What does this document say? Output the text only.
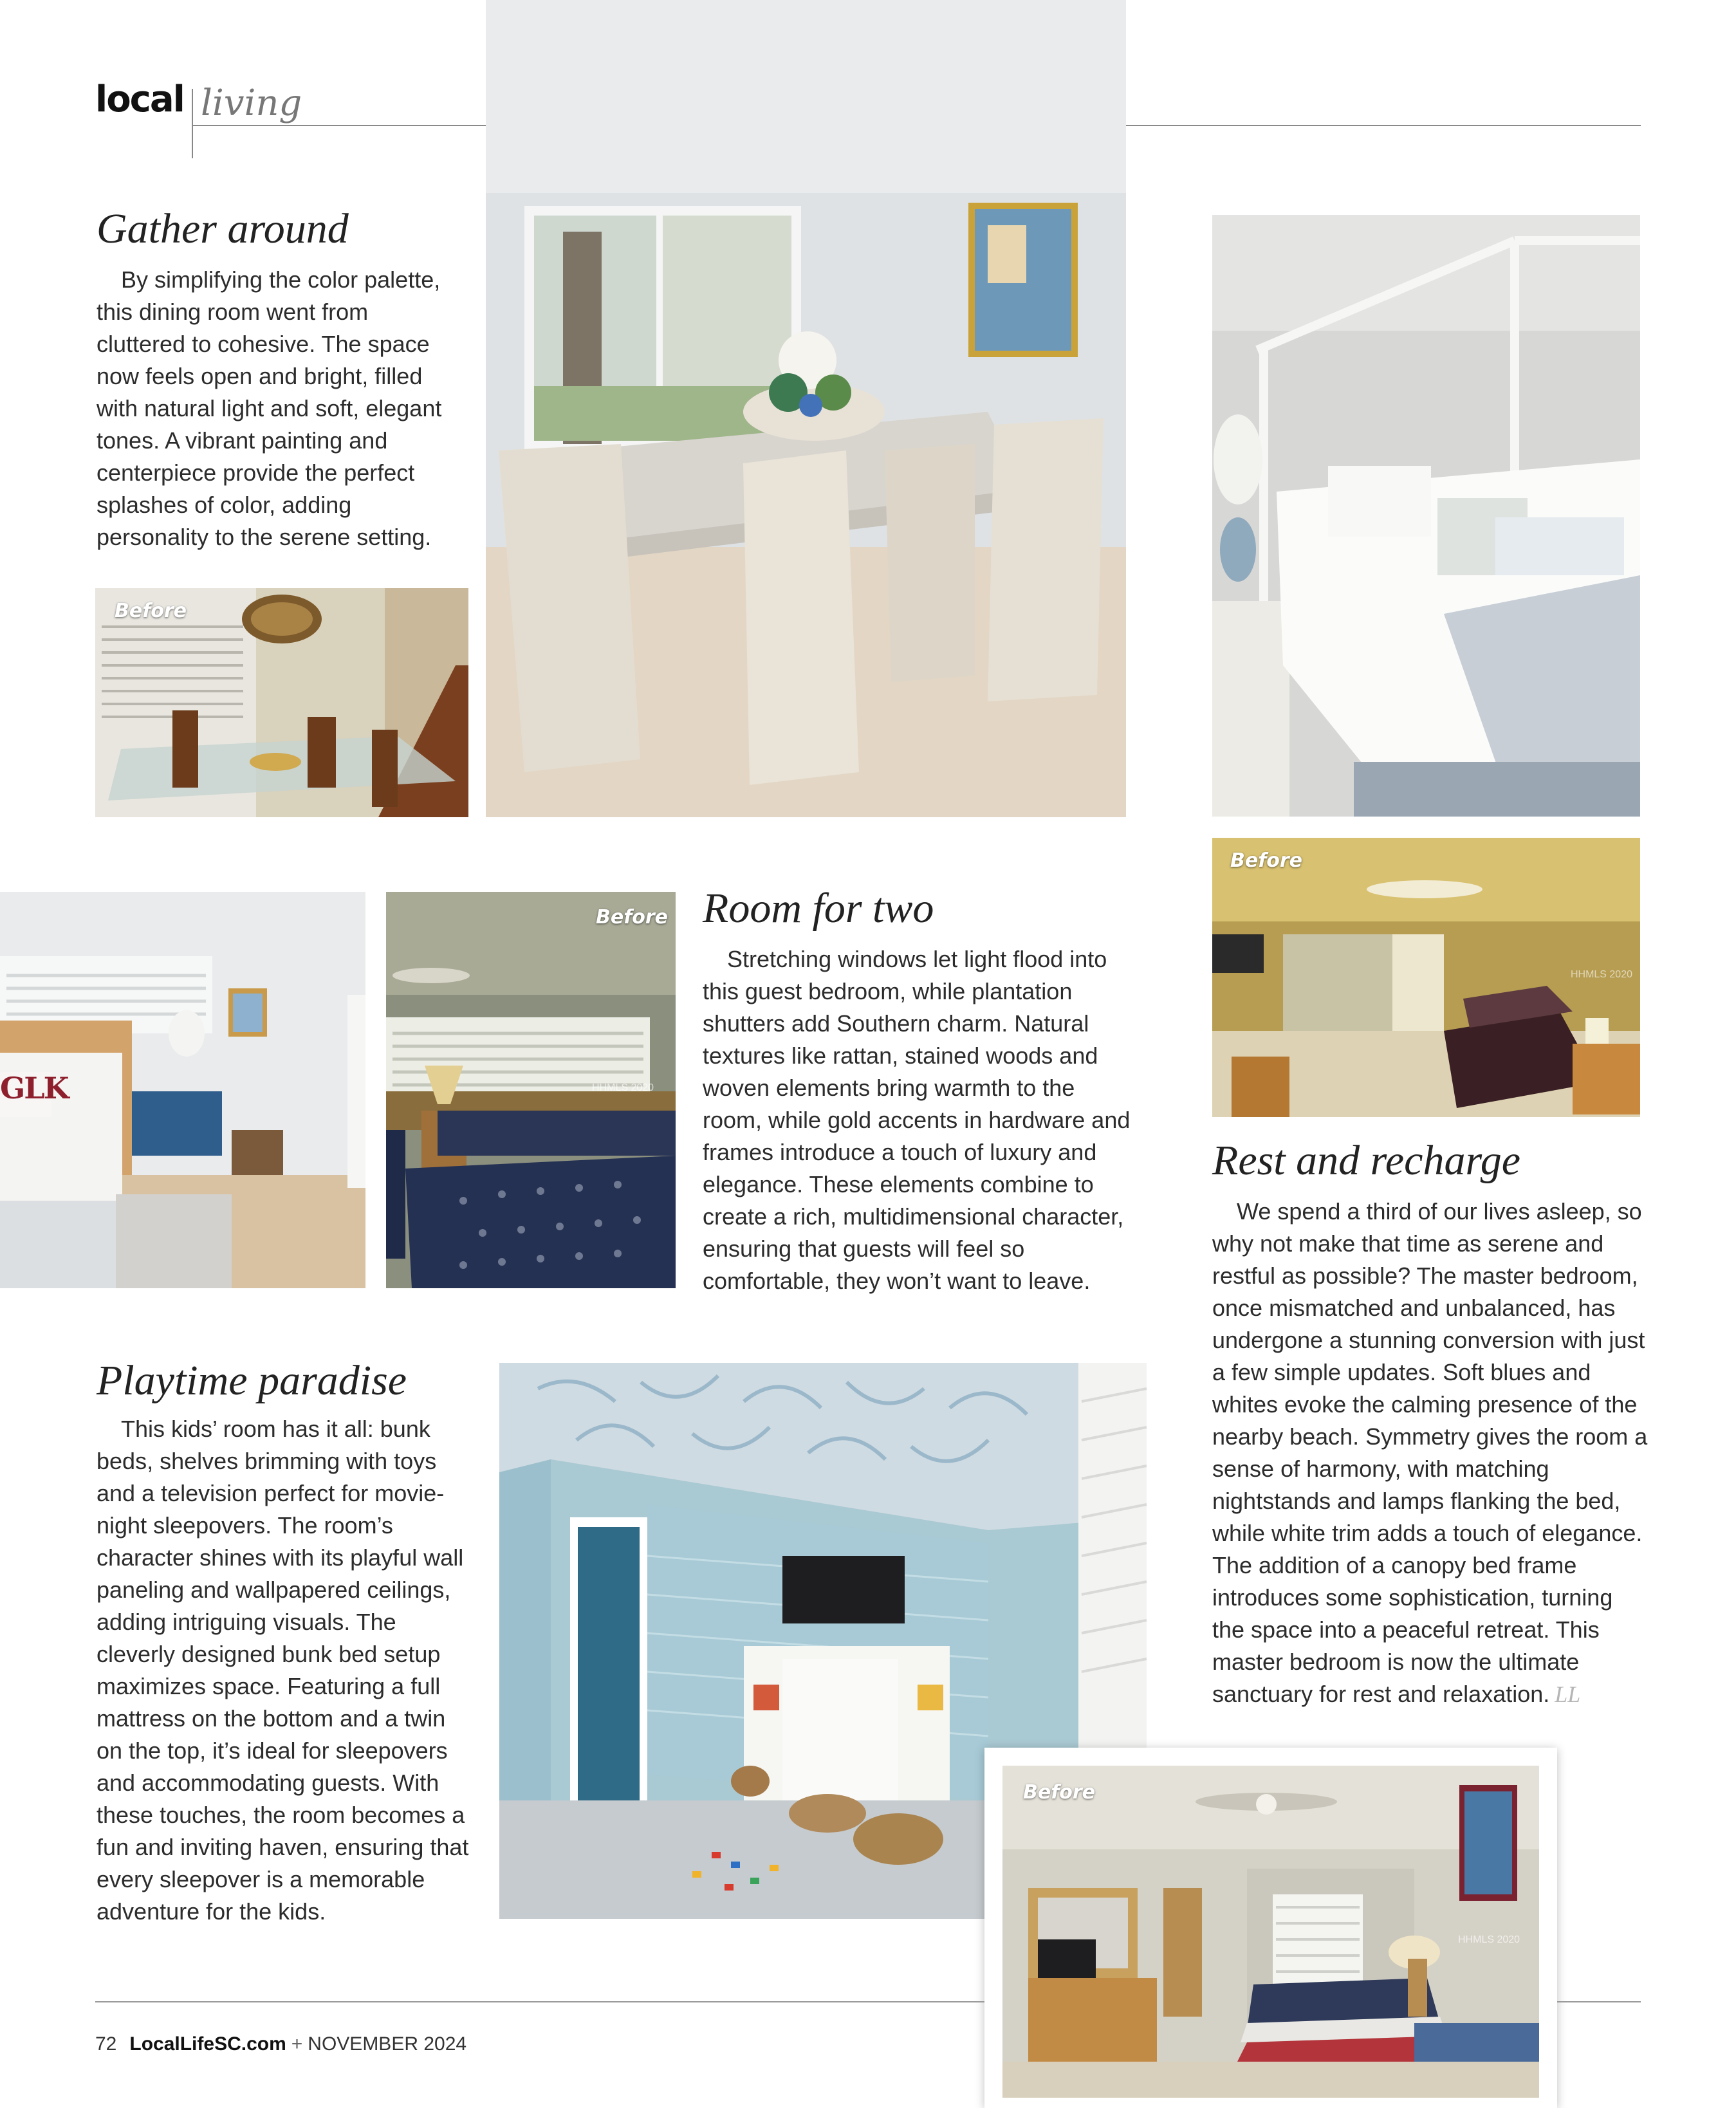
local living
Gather around

By simplifying the color palette, this dining room went from cluttered to cohesive. The space now feels open and bright, filled with natural light and soft, elegant tones. A vibrant painting and centerpiece provide the perfect splashes of color, adding personality to the serene setting.

Before
Before
HHMLS 2020
GLK
Before
HHMLS 2020
Room for two

Stretching windows let light flood into this guest bedroom, while plantation shutters add Southern charm. Natural textures like rattan, stained woods and woven elements bring warmth to the room, while gold accents in hardware and frames introduce a touch of luxury and elegance. These elements combine to create a rich, multidimensional character, ensuring that guests will feel so comfortable, they won’t want to leave.

Rest and recharge

We spend a third of our lives asleep, so why not make that time as serene and restful as possible? The master bedroom, once mismatched and unbalanced, has undergone a stunning conversion with just a few simple updates. Soft blues and whites evoke the calming presence of the nearby beach. Symmetry gives the room a sense of harmony, with matching nightstands and lamps flanking the bed, while white trim adds a touch of elegance. The addition of a canopy bed frame introduces some sophistication, turning the space into a peaceful retreat. This master bedroom is now the ultimate sanctuary for rest and relaxation. LL

Playtime paradise

This kids’ room has it all: bunk beds, shelves brimming with toys and a television perfect for movie-night sleepovers. The room’s character shines with its playful wall paneling and wallpapered ceilings, adding intriguing visuals. The cleverly designed bunk bed setup maximizes space. Featuring a full mattress on the bottom and a twin on the top, it’s ideal for sleepovers and accommodating guests. With these touches, the room becomes a fun and inviting haven, ensuring that every sleepover is a memorable adventure for the kids.

Before
HHMLS 2020
72 LocalLifeSC.com + NOVEMBER 2024
